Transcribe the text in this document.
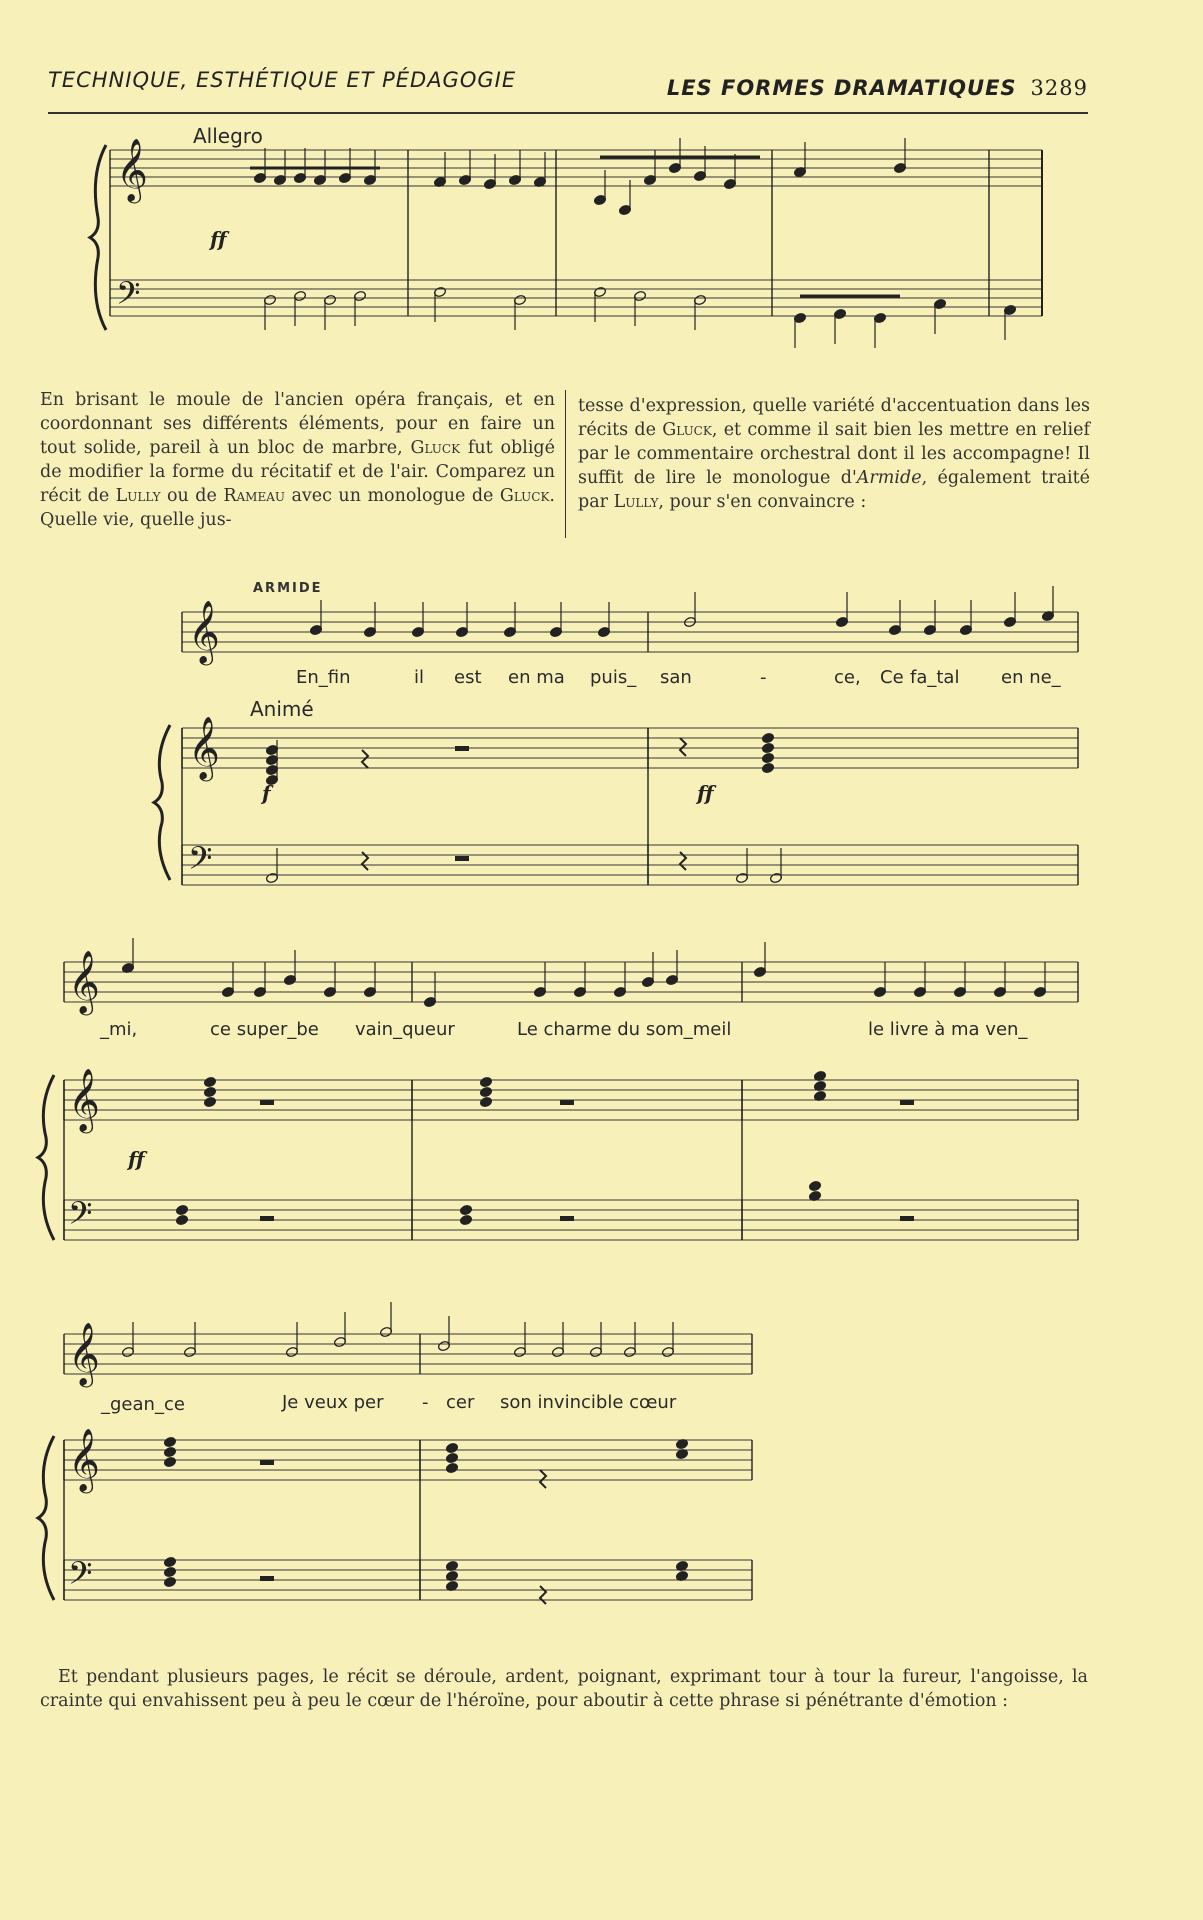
TECHNIQUE, ESTHÉTIQUE ET PÉDAGOGIE	LES FORMES DRAMATIQUES 3289
En brisant le moule de l'ancien opéra français, et en coordonnant ses différents éléments, pour en faire un tout solide, pareil à un bloc de marbre, Gluck fut obligé de modifier la forme du récitatif et de l'air. Comparez un récit de Lully ou de Rameau avec un monologue de Gluck. Quelle vie, quelle jus-
tesse d'expression, quelle variété d'accentuation dans les récits de Gluck, et comme il sait bien les mettre en relief par le commentaire orchestral dont il les accompagne! Il suffit de lire le monologue d'Armide, également traité par Lully, pour s'en convaincre :
Et pendant plusieurs pages, le récit se déroule, ardent, poignant, exprimant tour à tour la fureur, l'angoisse, la crainte qui envahissent peu à peu le cœur de l'héroïne, pour aboutir à cette phrase si pénétrante d'émotion :
𝄞
𝄢
𝄞
𝄞
𝄢
𝄞
𝄞
𝄢
𝄞
𝄞
𝄢
Allegro
ff
ARMIDE
Animé
f	ff
En_fin	il est en ma puis_ san	-	ce, Ce fa_tal en ne_
ff
_mi,	ce super_be vain_queur	Le charme du som_meil	le livre à ma ven_
_gean_ce	Je veux per - cer son invincible cœur
